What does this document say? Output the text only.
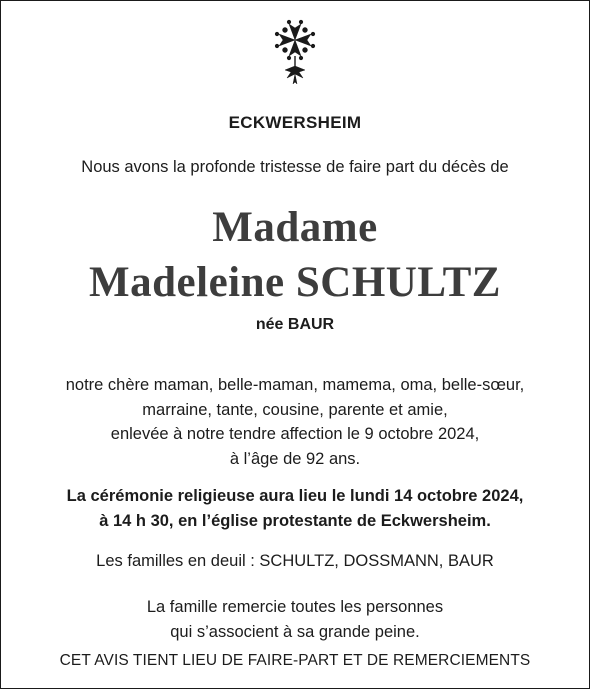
ECKWERSHEIM
Nous avons la profonde tristesse de faire part du décès de
Madame
Madeleine SCHULTZ
née BAUR
notre chère maman, belle-maman, mamema, oma, belle-sœur,
marraine, tante, cousine, parente et amie,
enlevée à notre tendre affection le 9 octobre 2024,
à l’âge de 92 ans.
La cérémonie religieuse aura lieu le lundi 14 octobre 2024,
à 14 h 30, en l’église protestante de Eckwersheim.
Les familles en deuil : SCHULTZ, DOSSMANN, BAUR
La famille remercie toutes les personnes
qui s’associent à sa grande peine.
CET AVIS TIENT LIEU DE FAIRE-PART ET DE REMERCIEMENTS
